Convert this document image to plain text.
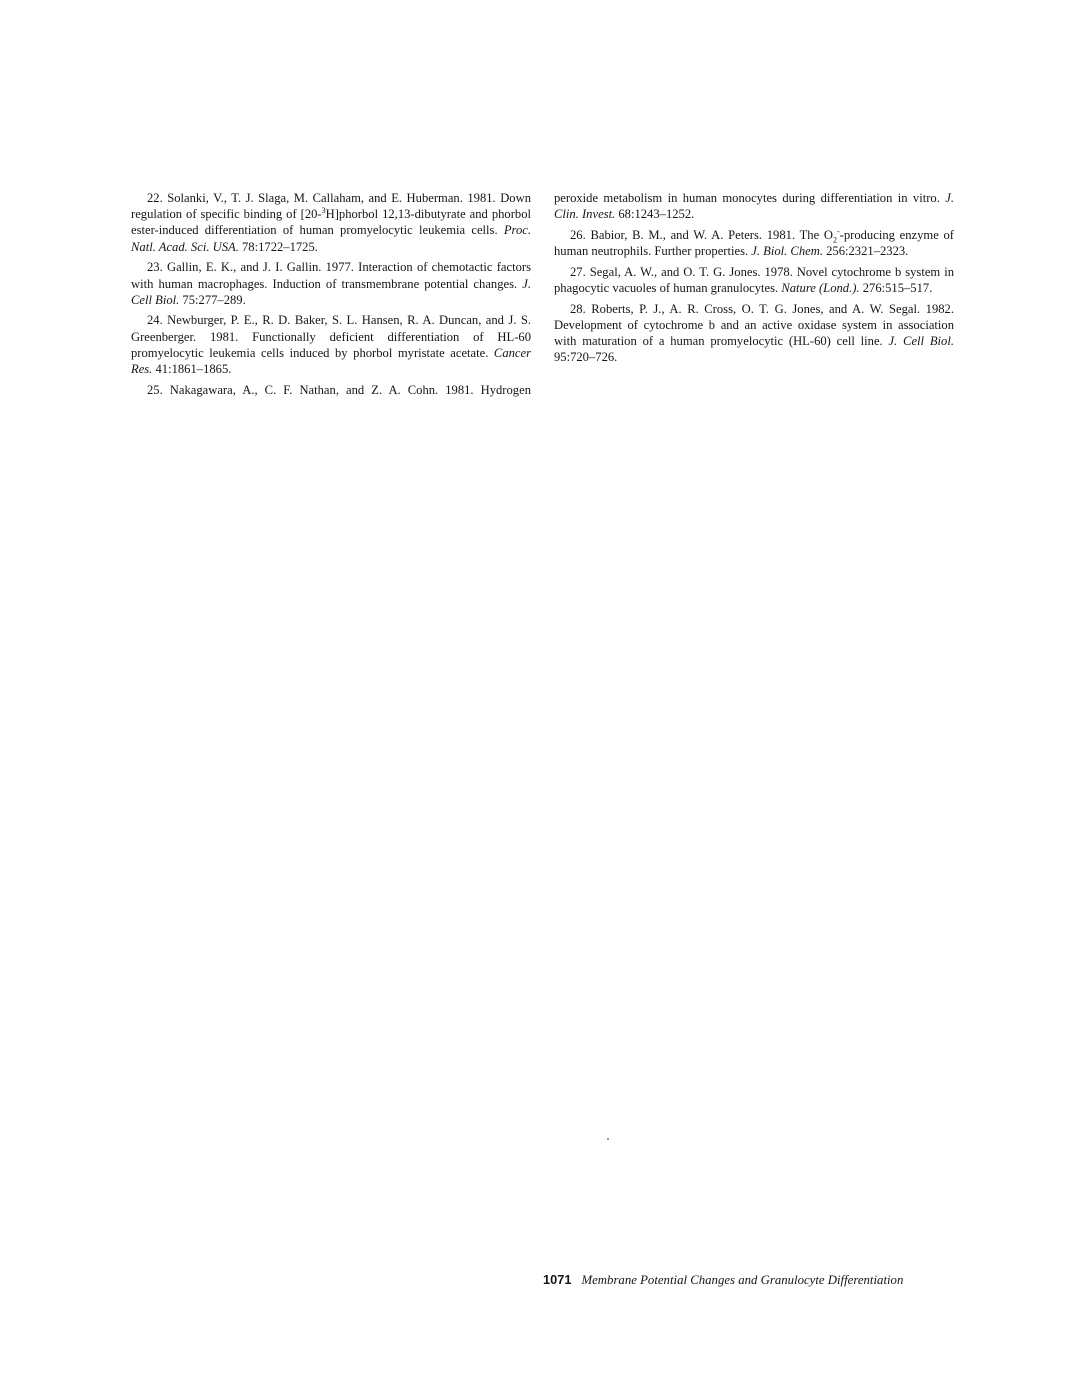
22. Solanki, V., T. J. Slaga, M. Callaham, and E. Huberman. 1981. Down regulation of specific binding of [20-$^3$H]phorbol 12,13-dibutyrate and phorbol ester-induced differentiation of human promyelocytic leukemia cells. Proc. Natl. Acad. Sci. USA. 78:1722–1725.

23. Gallin, E. K., and J. I. Gallin. 1977. Interaction of chemotactic factors with human macrophages. Induction of transmembrane potential changes. J. Cell Biol. 75:277–289.

24. Newburger, P. E., R. D. Baker, S. L. Hansen, R. A. Duncan, and J. S. Greenberger. 1981. Functionally deficient differentiation of HL-60 promyelocytic leukemia cells induced by phorbol myristate acetate. Cancer Res. 41:1861–1865.

25. Nakagawara, A., C. F. Nathan, and Z. A. Cohn. 1981. Hydrogen

peroxide metabolism in human monocytes during differentiation in vitro. J. Clin. Invest. 68:1243–1252.

26. Babior, B. M., and W. A. Peters. 1981. The $O_2^-$-producing enzyme of human neutrophils. Further properties. J. Biol. Chem. 256:2321–2323.

27. Segal, A. W., and O. T. G. Jones. 1978. Novel cytochrome b system in phagocytic vacuoles of human granulocytes. Nature (Lond.). 276:515–517.

28. Roberts, P. J., A. R. Cross, O. T. G. Jones, and A. W. Segal. 1982. Development of cytochrome b and an active oxidase system in association with maturation of a human promyelocytic (HL-60) cell line. J. Cell Biol. 95:720–726.

1071 Membrane Potential Changes and Granulocyte Differentiation
